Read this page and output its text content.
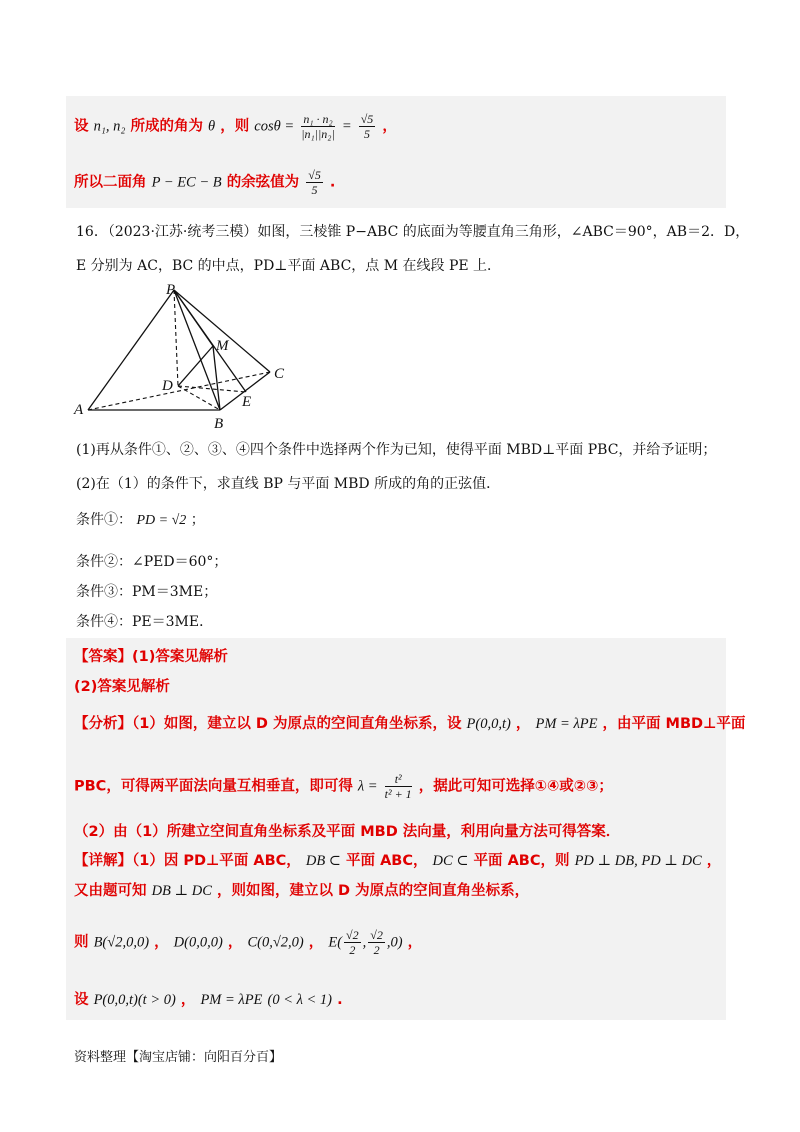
设 n₁, n₂ 所成的角为 θ ，则 $\cos\theta = \frac{\text{n₁ · n₂}}{\text{|n₁||n₂|}} = \frac{√5}{5}$ ，
所以二面角 P − EC − B 的余弦值为 $\frac{√5}{5}$ .
16．（2023·江苏·统考三模）如图，三棱锥 P−ABC 的底面为等腰直角三角形，∠ABC＝90°，AB＝2．D，
E 分别为 AC，BC 的中点，PD⊥平面 ABC，点 M 在线段 PE 上．
P
M
C
D
E
A
B
(1)再从条件①、②、③、④四个条件中选择两个作为已知，使得平面 MBD⊥平面 PBC，并给予证明；
(2)在（1）的条件下，求直线 BP 与平面 MBD 所成的角的正弦值．
条件①： PD = √2 ；
条件②：∠PED＝60°；
条件③：PM＝3ME；
条件④：PE＝3ME．
【答案】(1)答案见解析
(2)答案见解析
【分析】（1）如图，建立以 D 为原点的空间直角坐标系，设 P(0,0,t) ， PM = λPE ，由平面 MBD⊥平面
PBC，可得两平面法向量互相垂直，即可得 $\lambda = \frac{\text{t²}}{\text{t² + 1}}$ ，据此可知可选择①④或②③；
（2）由（1）所建立空间直角坐标系及平面 MBD 法向量，利用向量方法可得答案．
【详解】（1）因 PD⊥平面 ABC， DB ⊂ 平面 ABC， DC ⊂ 平面 ABC，则 PD ⊥ DB, PD ⊥ DC ，
又由题可知 DB ⊥ DC ，则如图，建立以 D 为原点的空间直角坐标系，
则 B(√2,0,0) ， D(0,0,0) ， C(0,√2,0) ， $E( \frac{√2}{2}$ , $\frac{√2}{2} ,0$) ，
设 P(0,0,t)(t > 0) ， PM = λPE (0 < λ < 1) .
资料整理【淘宝店铺：向阳百分百】
